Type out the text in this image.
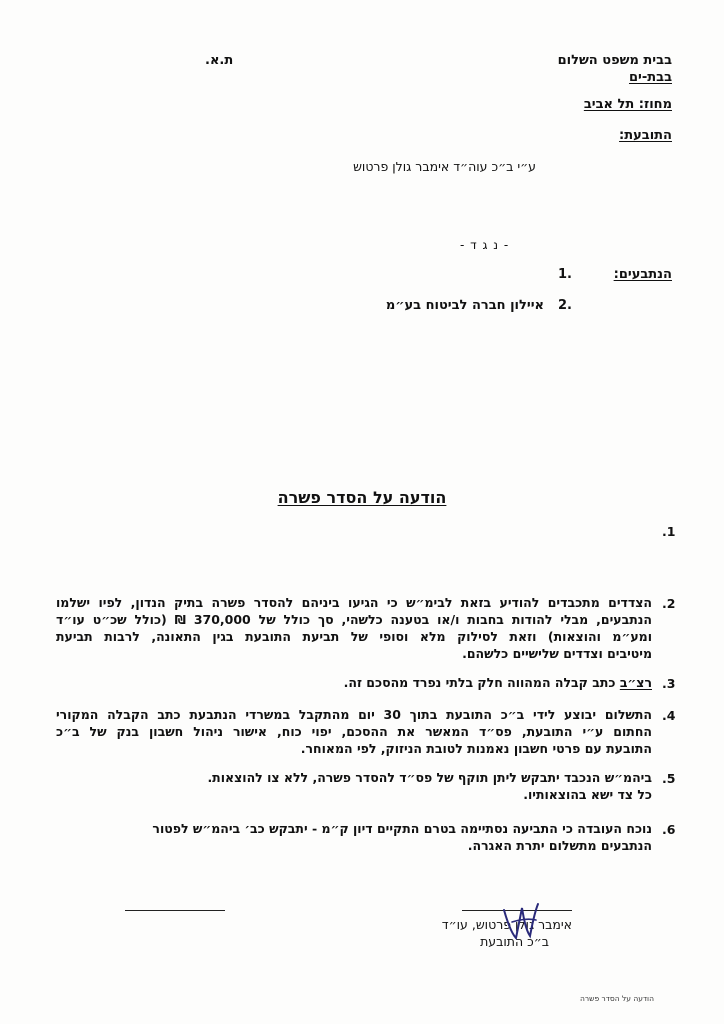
בבית משפט השלום
בבת-ים
ת.א.
מחוז: תל אביב
התובעת:
ע״י ב״כ עוה״ד אימבר גולן פרטוש
- נ ג ד -
הנתבעים:
1.
2.
איילון חברה לביטוח בע״מ
הודעה על הסדר פשרה
.1
.2
הצדדים מתכבדים להודיע בזאת לבימ״ש כי הגיעו ביניהם להסדר פשרה בתיק הנדון, לפיו ישלמו
הנתבעים, מבלי להודות בחבות ו/או בטענה כלשהי, סך כולל של 370,000 ₪ (כולל שכ״ט עו״ד
ומע״מ והוצאות) וזאת לסילוק מלא וסופי של תביעת התובעת בגין התאונה, לרבות תביעת
מיטיבים וצדדים שלישיים כלשהם.
.3
רצ״ב כתב קבלה המהווה חלק בלתי נפרד מהסכם זה.
.4
התשלום יבוצע לידי ב״כ התובעת בתוך 30 יום מהתקבל במשרדי הנתבעת כתב הקבלה המקורי
החתום ע״י התובעת, פס״ד המאשר את ההסכם, יפוי כוח, אישור ניהול חשבון בנק של ב״כ
התובעת עם פרטי חשבון נאמנות לטובת הניזוק, לפי המאוחר.
.5
ביהמ״ש הנכבד יתבקש ליתן תוקף של פס״ד להסדר פשרה, ללא צו להוצאות.
כל צד ישא בהוצאותיו.
.6
נוכח העובדה כי התביעה נסתיימה בטרם התקיים דיון ק״מ - יתבקש כב׳ ביהמ״ש לפטור
הנתבעים מתשלום יתרת האגרה.
אימבר גולן פרטוש, עו״ד
ב״כ התובעת
הודעה על הסדר פשרה
